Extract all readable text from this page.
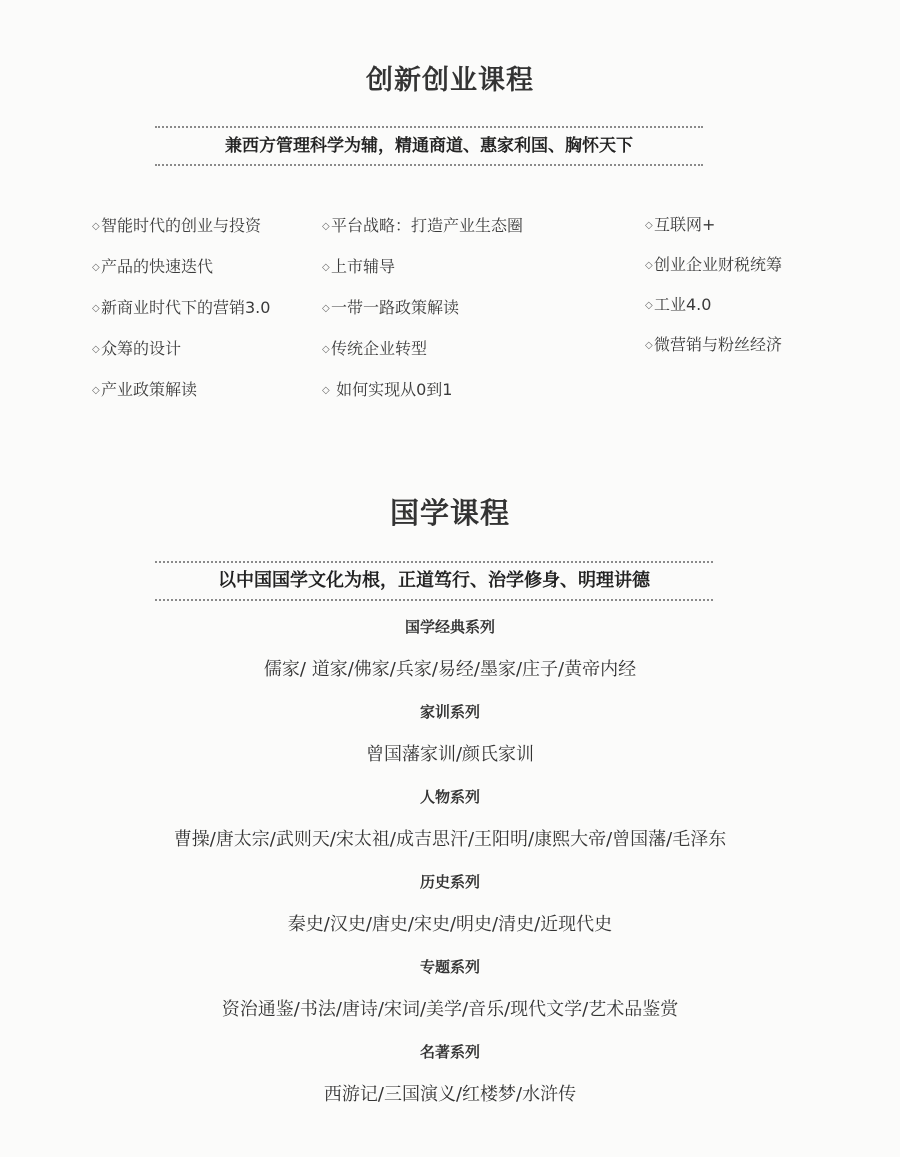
创新创业课程
兼西方管理科学为辅，精通商道、惠家利国、胸怀天下
◇智能时代的创业与投资
◇产品的快速迭代
◇新商业时代下的营销3.0
◇众筹的设计
◇产业政策解读
◇平台战略：打造产业生态圈
◇上市辅导
◇一带一路政策解读
◇传统企业转型
◇ 如何实现从0到1
◇互联网+
◇创业企业财税统筹
◇工业4.0
◇微营销与粉丝经济
国学课程
以中国国学文化为根，正道笃行、治学修身、明理讲德
国学经典系列
儒家/ 道家/佛家/兵家/易经/墨家/庄子/黄帝内经
家训系列
曾国藩家训/颜氏家训
人物系列
曹操/唐太宗/武则天/宋太祖/成吉思汗/王阳明/康熙大帝/曾国藩/毛泽东
历史系列
秦史/汉史/唐史/宋史/明史/清史/近现代史
专题系列
资治通鉴/书法/唐诗/宋词/美学/音乐/现代文学/艺术品鉴赏
名著系列
西游记/三国演义/红楼梦/水浒传
